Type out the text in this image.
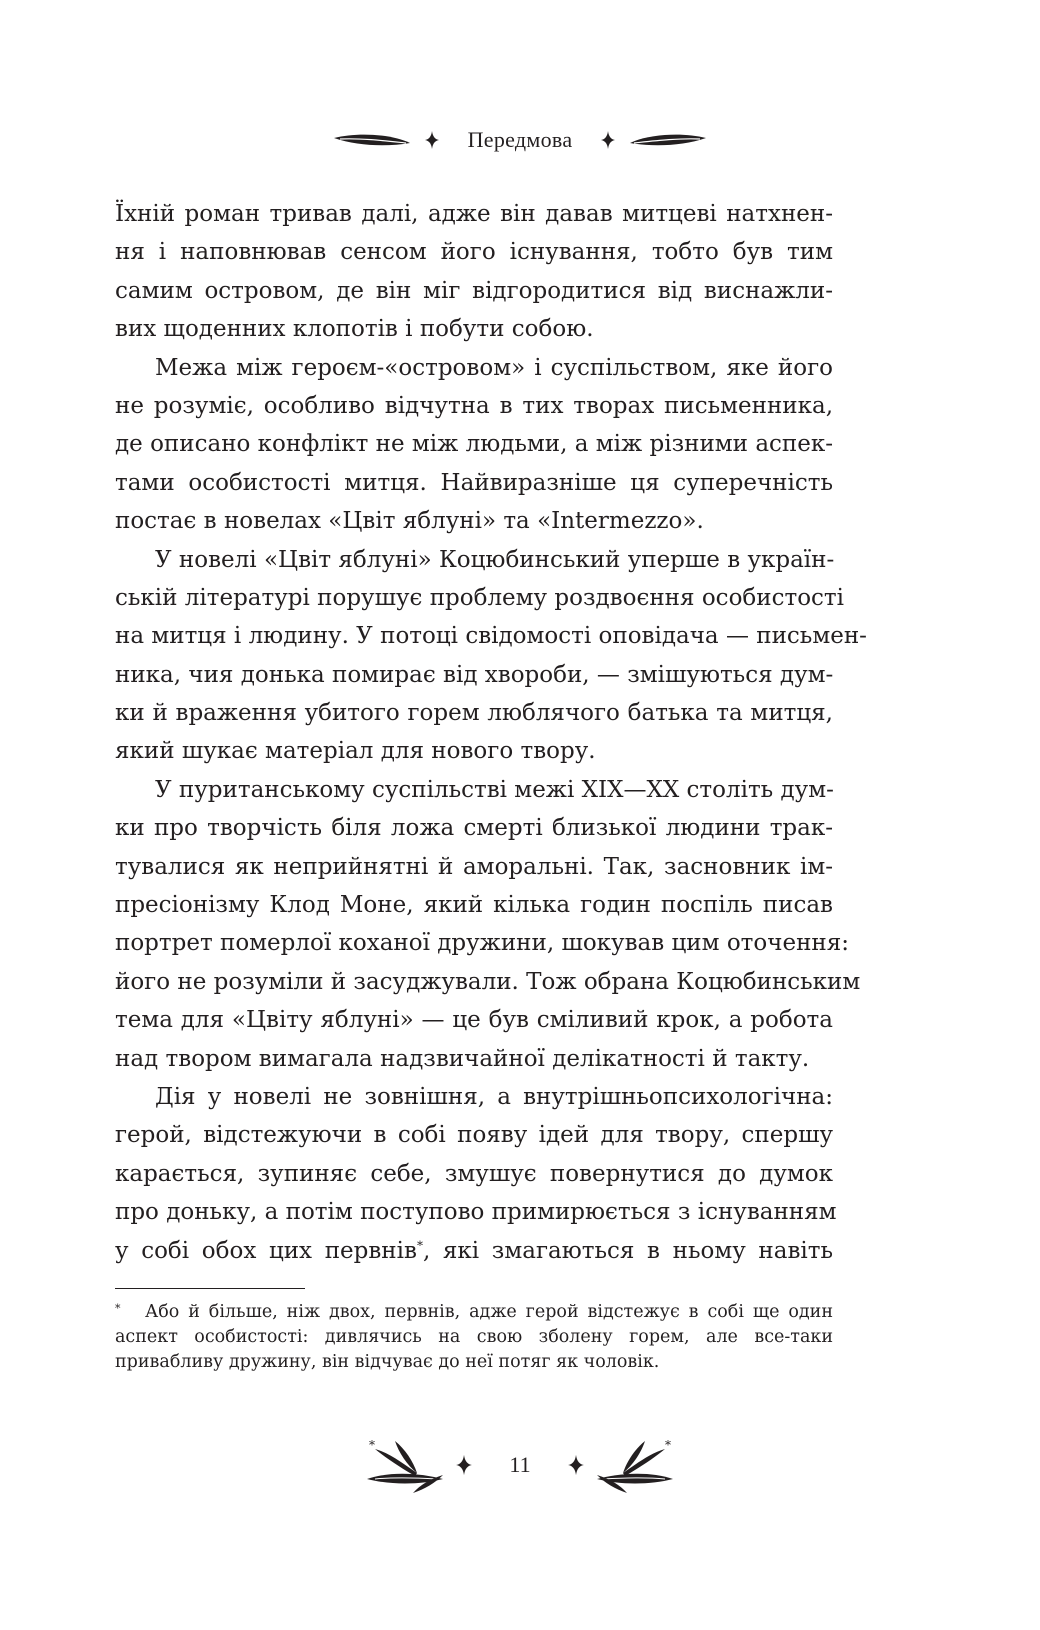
Передмова
Їхній роман тривав далі, адже він давав митцеві натхнен-
ня і наповнював сенсом його існування, тобто був тим
самим островом, де він міг відгородитися від виснажли-
вих щоденних клопотів і побути собою.
Межа між героєм-«островом» і суспільством, яке його
не розуміє, особливо відчутна в тих творах письменника,
де описано конфлікт не між людьми, а між різними аспек-
тами особистості митця. Найвиразніше ця суперечність
постає в новелах «Цвіт яблуні» та «Intermezzo».
У новелі «Цвіт яблуні» Коцюбинський уперше в україн-
ській літературі порушує проблему роздвоєння особистості
на митця і людину. У потоці свідомості оповідача — письмен-
ника, чия донька помирає від хвороби, — змішуються дум-
ки й враження убитого горем люблячого батька та митця,
який шукає матеріал для нового твору.
У пуританському суспільстві межі XIX—XX століть дум-
ки про творчість біля ложа смерті близької людини трак-
тувалися як неприйнятні й аморальні. Так, засновник ім-
пресіонізму Клод Моне, який кілька годин поспіль писав
портрет померлої коханої дружини, шокував цим оточення:
його не розуміли й засуджували. Тож обрана Коцюбинським
тема для «Цвіту яблуні» — це був сміливий крок, а робота
над твором вимагала надзвичайної делікатності й такту.
Дія у новелі не зовнішня, а внутрішньопсихологічна:
герой, відстежуючи в собі появу ідей для твору, спершу
карається, зупиняє себе, змушує повернутися до думок
про доньку, а потім поступово примирюється з існуванням
у собі обох цих первнів*, які змагаються в ньому навіть
*	Або й більше, ніж двох, первнів, адже герой відстежує в собі ще один
аспект особистості: дивлячись на свою зболену горем, але все-таки
привабливу дружину, він відчуває до неї потяг як чоловік.
*
11
*
